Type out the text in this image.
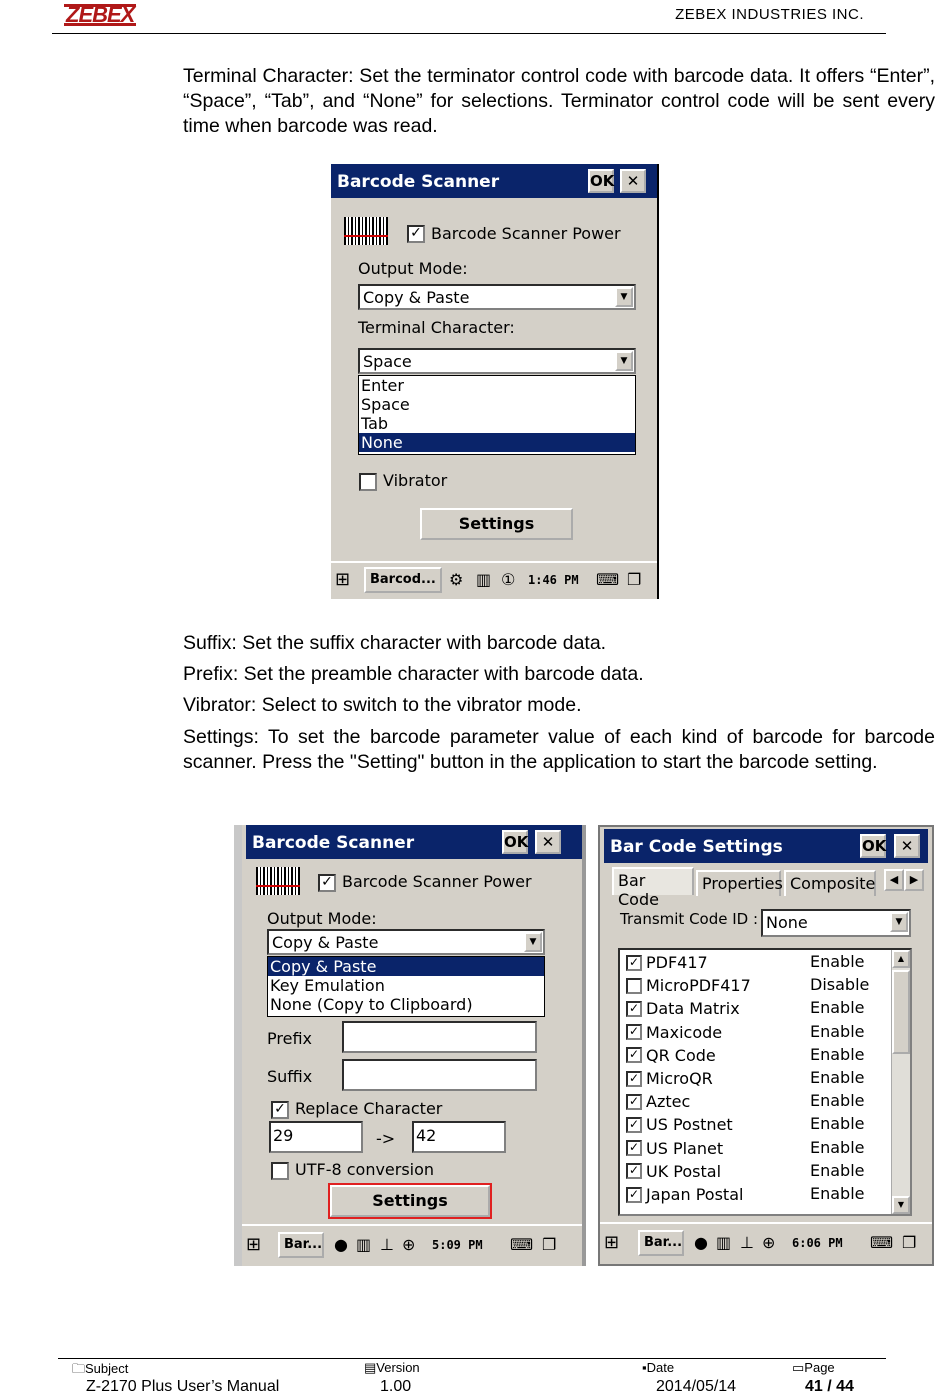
ZEBEX	ZEBEX INDUSTRIES INC.
Terminal Character: Set the terminator control code with barcode data. It offers “Enter”, “Space”, “Tab”, and “None” for selections. Terminator control code will be sent every time when barcode was read.
Barcode Scanner	OK ✕
✓ Barcode Scanner Power
Output Mode:
Copy & Paste	▼
Terminal Character:
Space	▼
Enter
Space
Tab
None
Vibrator
Settings
⊞	Barcod... ⚙ ▥ ① 1:46 PM ⌨ ❐
Suffix: Set the suffix character with barcode data.
Prefix: Set the preamble character with barcode data.
Vibrator: Select to switch to the vibrator mode.
Settings: To set the barcode parameter value of each kind of barcode for barcode scanner. Press the "Setting" button in the application to start the barcode setting.
Barcode Scanner	OK ✕
✓ Barcode Scanner Power
Output Mode:
Copy & Paste	▼
Copy & Paste
Key Emulation
None (Copy to Clipboard)
Prefix
Suffix
✓ Replace Character
29	-> 42
UTF-8 conversion
Settings
⊞	Bar... ● ▥ ⊥ ⊕ 5:09 PM ⌨ ❐
Bar Code Settings	OK ✕
Bar Code
Properties Composite	◀	▶
Transmit Code ID : None	▼
✓ PDF417	Enable
MicroPDF417	Disable
✓ Data Matrix	Enable
✓ Maxicode	Enable
✓ QR Code	Enable
✓ MicroQR	Enable
✓ Aztec	Enable
✓ US Postnet	Enable
✓ US Planet	Enable
✓ UK Postal	Enable
✓ Japan Postal	Enable
▲
▼
⊞	Bar... ● ▥ ⊥ ⊕ 6:06 PM ⌨ ❐
🗀Subject
Z-2170 Plus User’s Manual
▤Version
1.00
▪Date
2014/05/14
▭Page
41 / 44
